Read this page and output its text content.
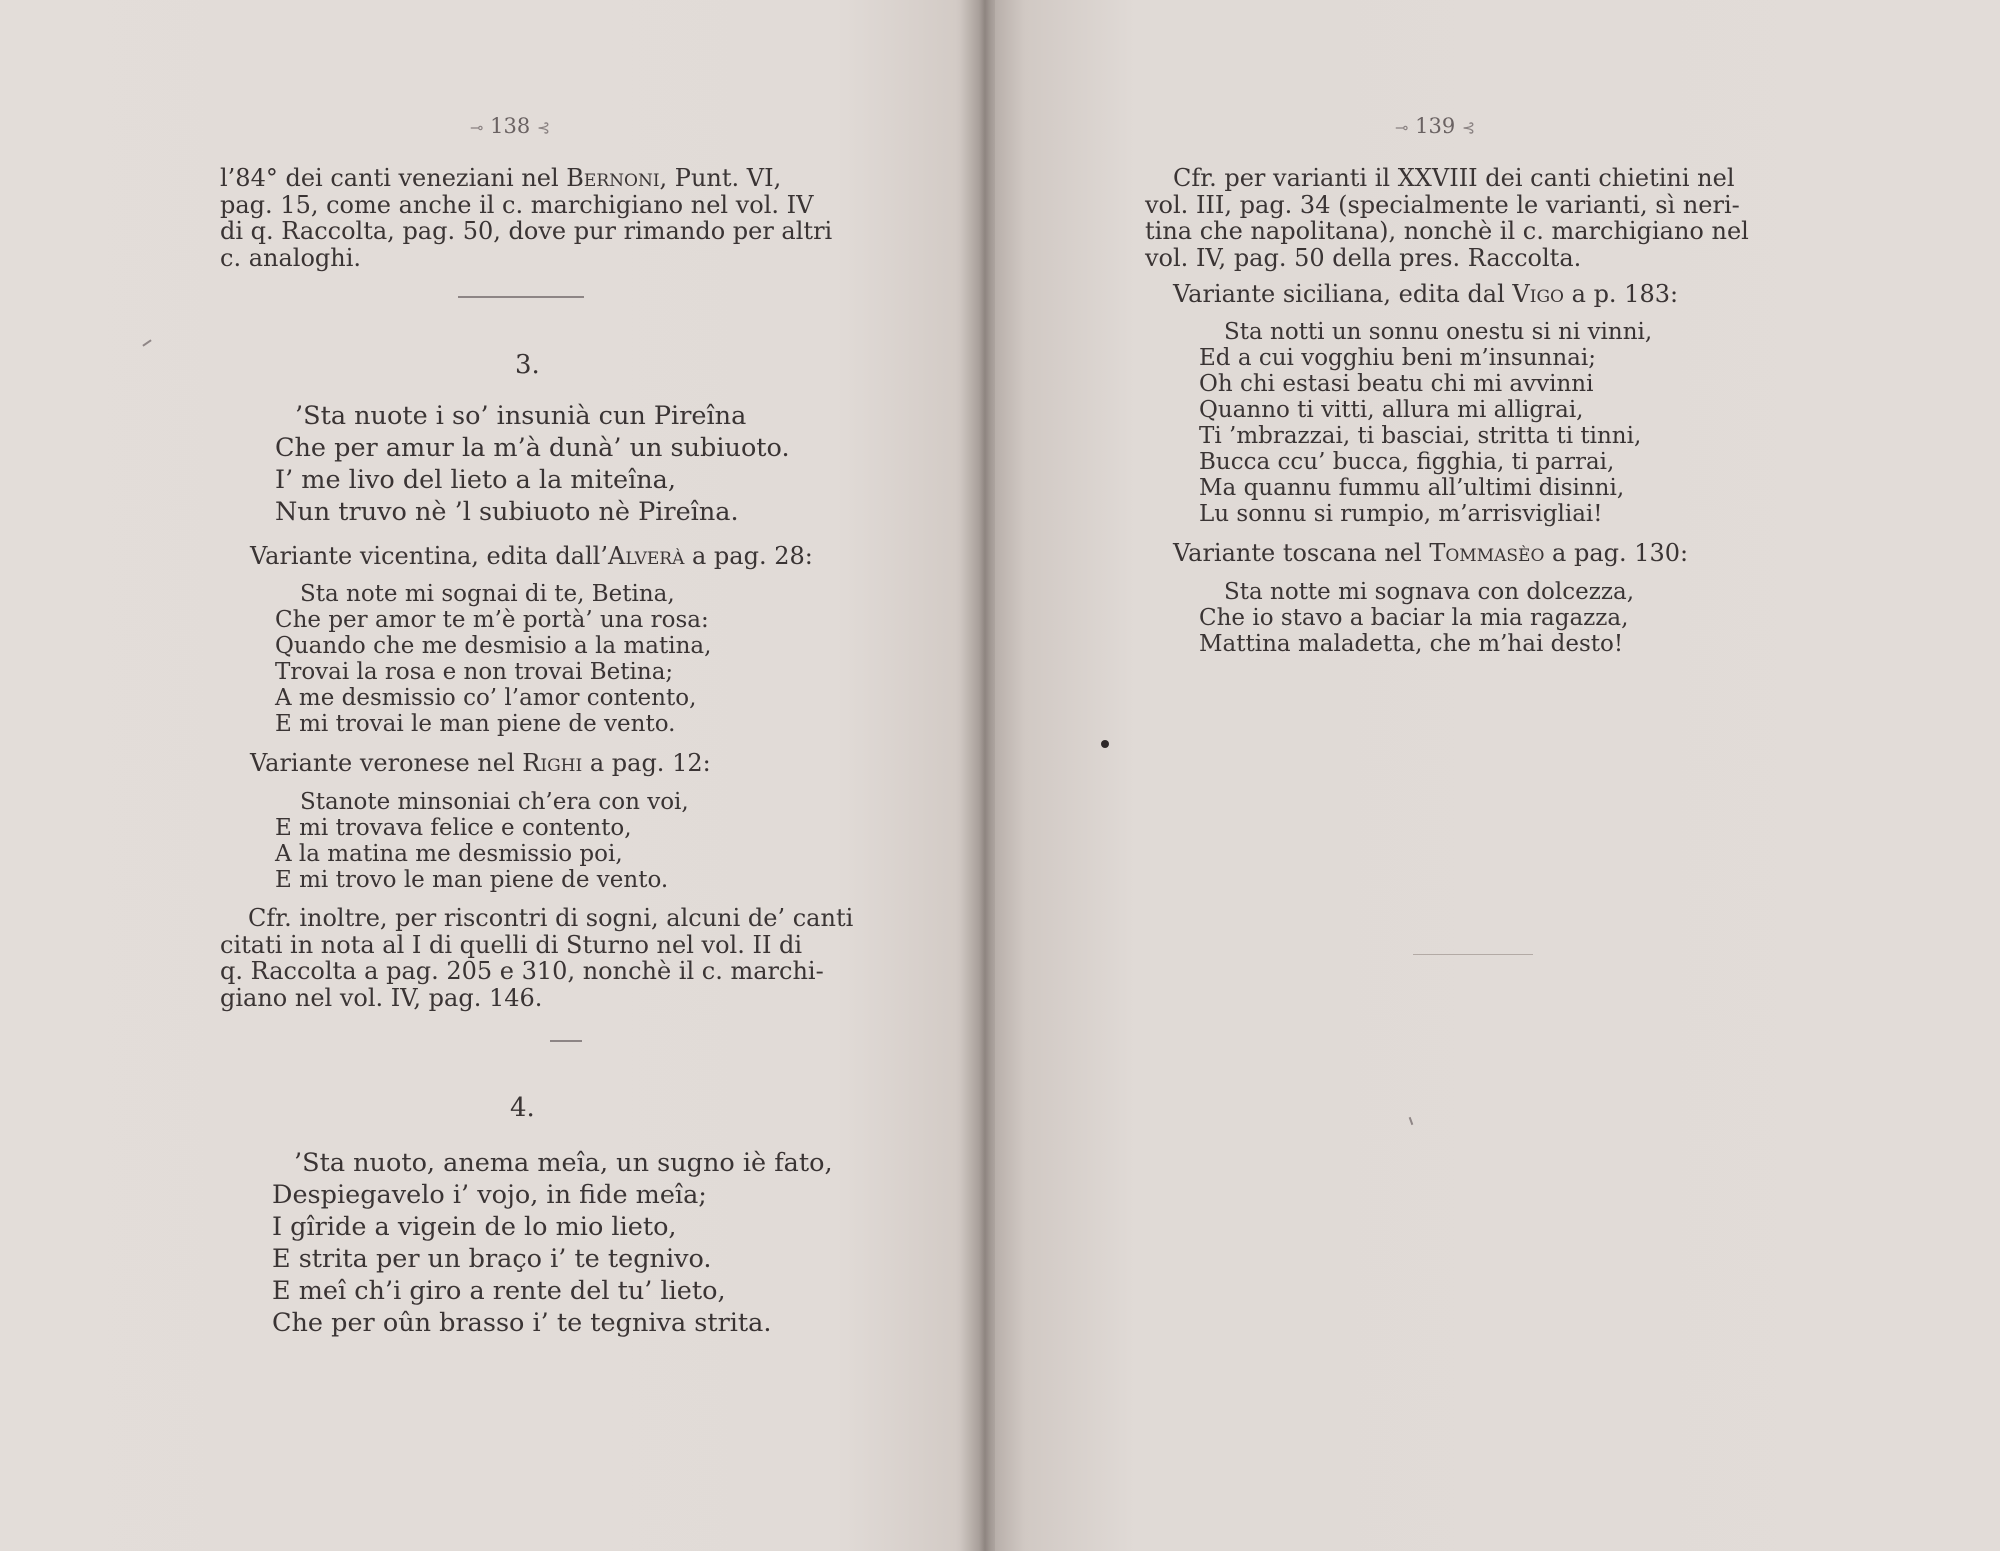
⊸ 138 ⊰
l’84° dei canti veneziani nel Bernoni, Punt. VI,
pag. 15, come anche il c. marchigiano nel vol. IV
di q. Raccolta, pag. 50, dove pur rimando per altri
c. analoghi.
3.
’Sta nuote i so’ insunià cun Pireîna
Che per amur la m’à dunà’ un subiuoto.
I’ me livo del lieto a la miteîna,
Nun truvo nè ’l subiuoto nè Pireîna.
Variante vicentina, edita dall’Alverà a pag. 28:
Sta note mi sognai di te, Betina,
Che per amor te m’è portà’ una rosa:
Quando che me desmisio a la matina,
Trovai la rosa e non trovai Betina;
A me desmissio co’ l’amor contento,
E mi trovai le man piene de vento.
Variante veronese nel Righi a pag. 12:
Stanote minsoniai ch’era con voi,
E mi trovava felice e contento,
A la matina me desmissio poi,
E mi trovo le man piene de vento.
Cfr. inoltre, per riscontri di sogni, alcuni de’ canti
citati in nota al I di quelli di Sturno nel vol. II di
q. Raccolta a pag. 205 e 310, nonchè il c. marchi-
giano nel vol. IV, pag. 146.
4.
’Sta nuoto, anema meîa, un sugno iè fato,
Despiegavelo i’ vojo, in fide meîa;
I gîride a vigein de lo mio lieto,
E strita per un braço i’ te tegnivo.
E meî ch’i giro a rente del tu’ lieto,
Che per oûn brasso i’ te tegniva strita.
⊸ 139 ⊰
Cfr. per varianti il XXVIII dei canti chietini nel
vol. III, pag. 34 (specialmente le varianti, sì neri-
tina che napolitana), nonchè il c. marchigiano nel
vol. IV, pag. 50 della pres. Raccolta.
Variante siciliana, edita dal Vigo a p. 183:
Sta notti un sonnu onestu si ni vinni,
Ed a cui vogghiu beni m’insunnai;
Oh chi estasi beatu chi mi avvinni
Quanno ti vitti, allura mi alligrai,
Ti ’mbrazzai, ti basciai, stritta ti tinni,
Bucca ccu’ bucca, figghia, ti parrai,
Ma quannu fummu all’ultimi disinni,
Lu sonnu si rumpio, m’arrisvigliai!
Variante toscana nel Tommasèo a pag. 130:
Sta notte mi sognava con dolcezza,
Che io stavo a baciar la mia ragazza,
Mattina maladetta, che m’hai desto!
